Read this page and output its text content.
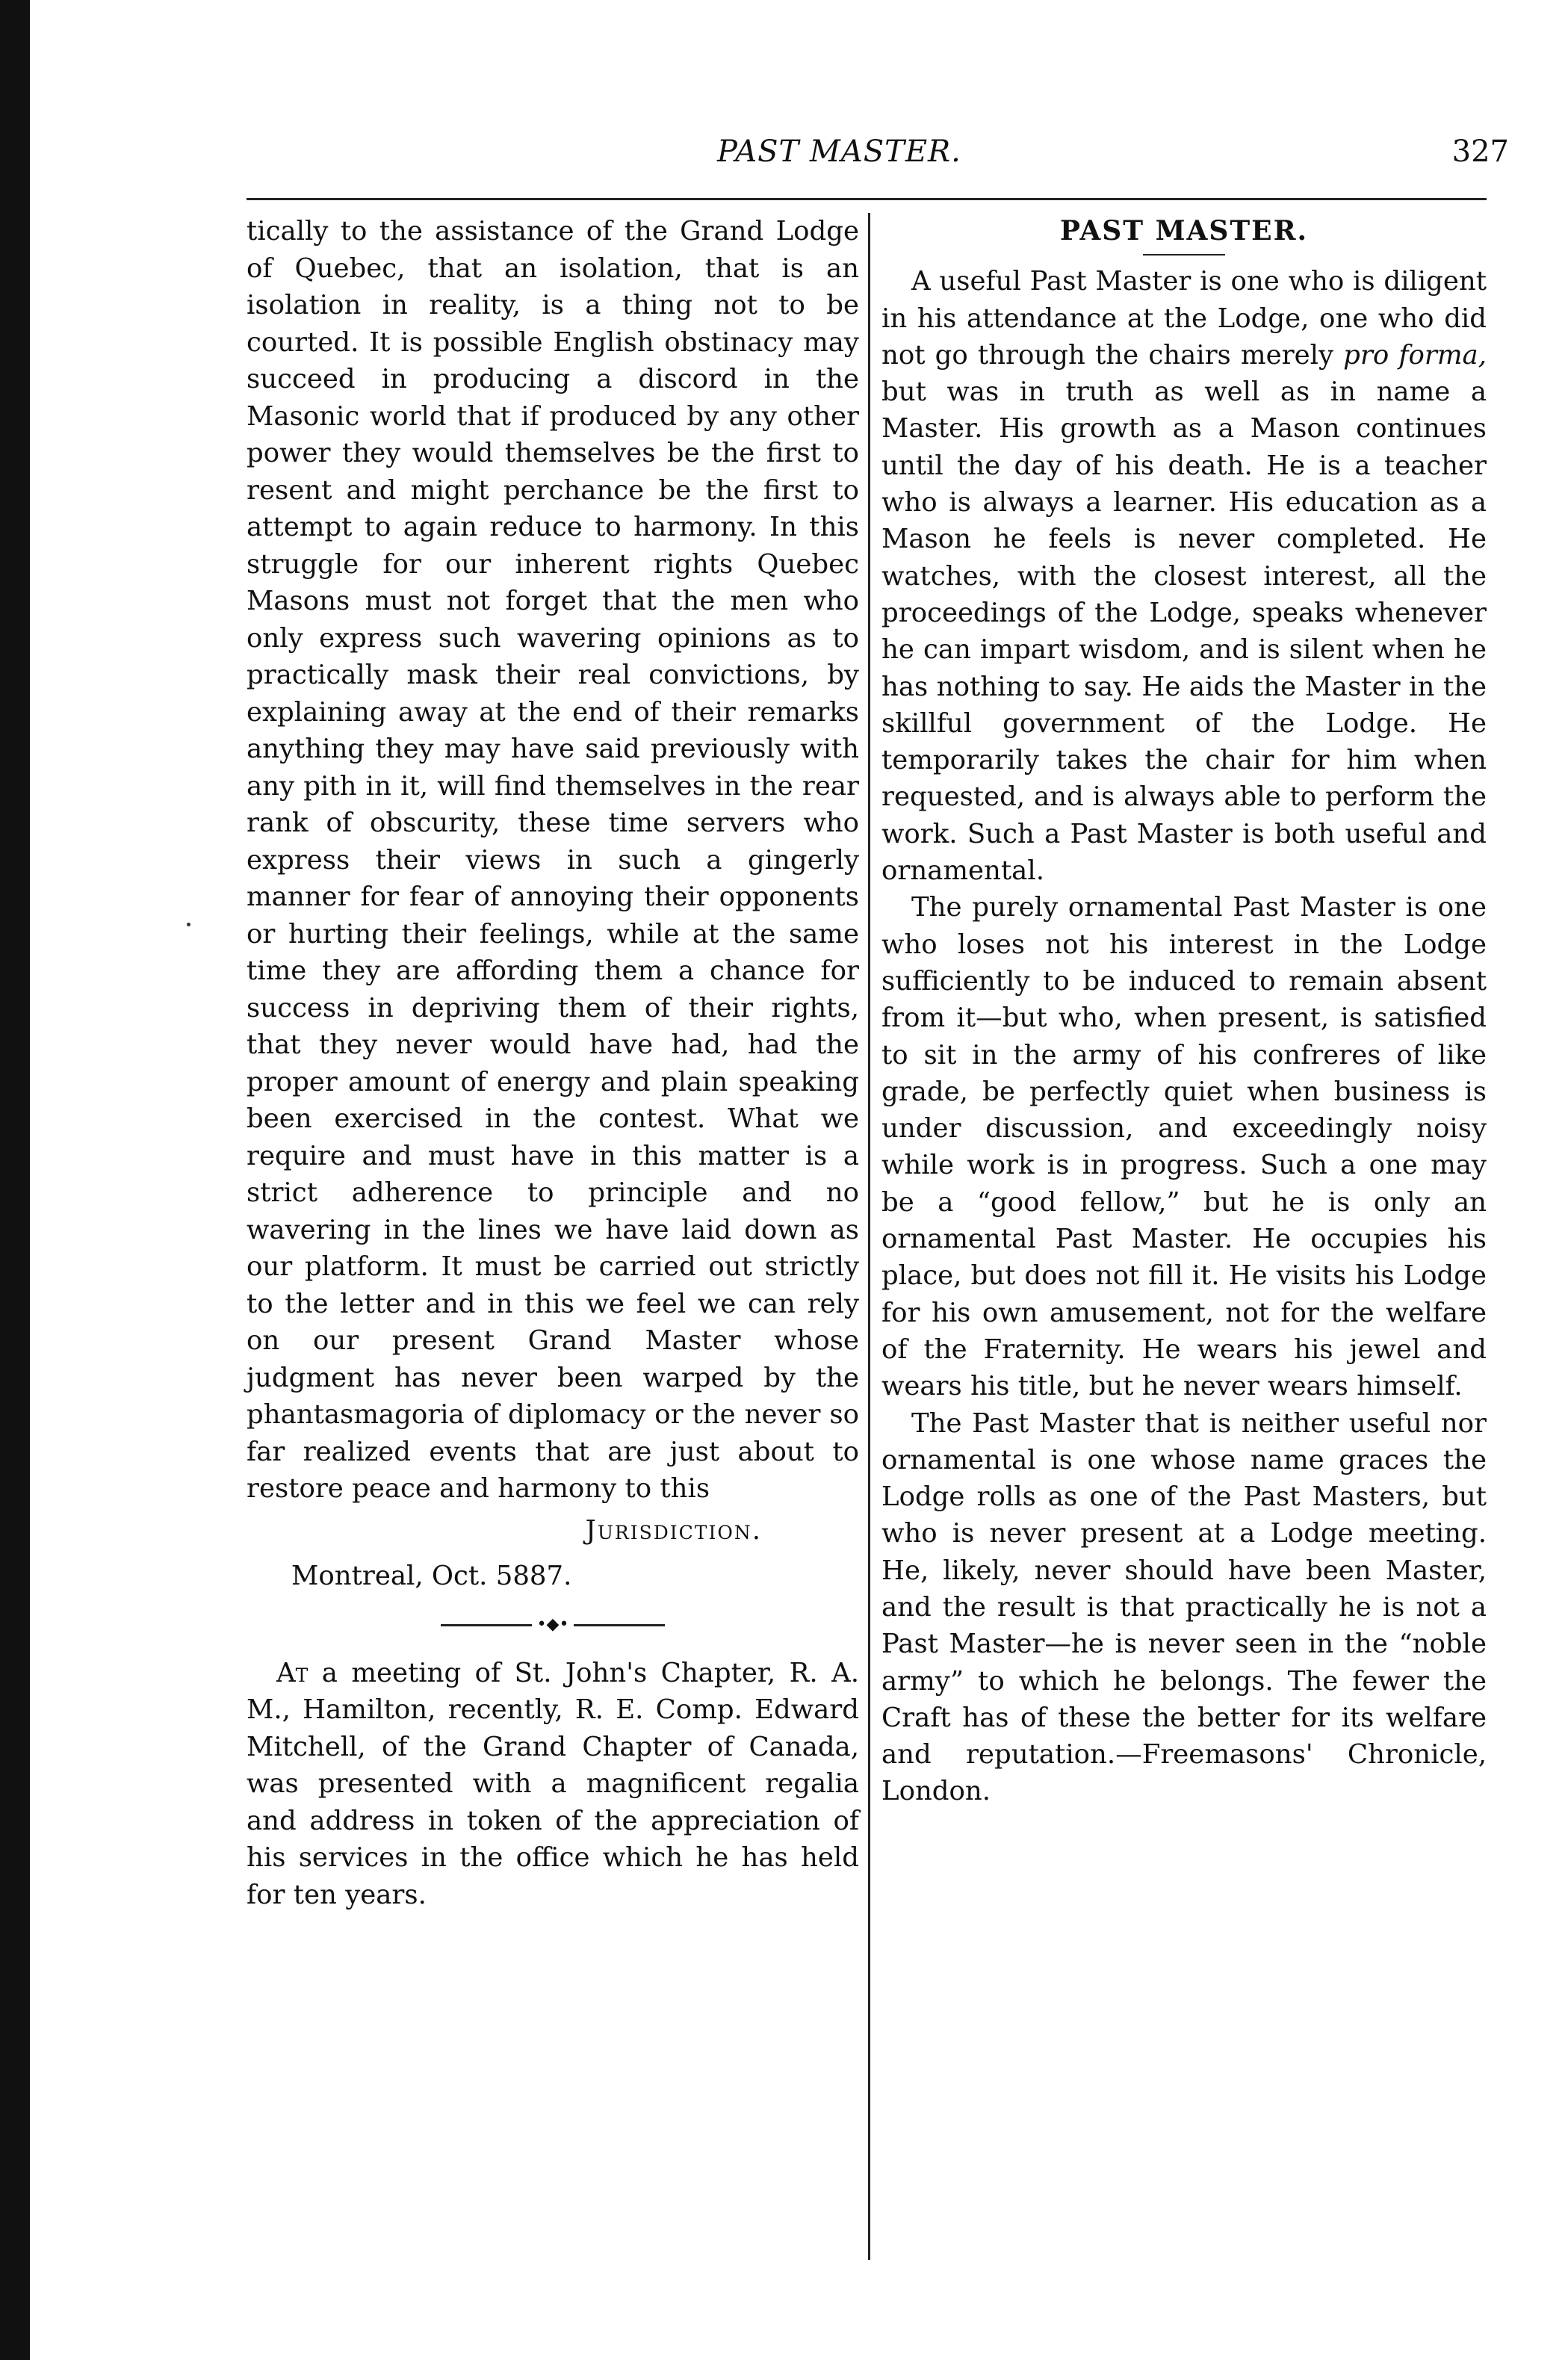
PAST MASTER.	327

tically to the assistance of the Grand Lodge of Quebec, that an isolation, that is an isolation in reality, is a thing not to be courted. It is possible English obstinacy may succeed in producing a discord in the Masonic world that if produced by any other power they would themselves be the first to resent and might perchance be the first to attempt to again reduce to harmony. In this struggle for our inherent rights Quebec Masons must not forget that the men who only express such wavering opinions as to practically mask their real convictions, by explaining away at the end of their remarks anything they may have said previously with any pith in it, will find themselves in the rear rank of obscurity, these time servers who express their views in such a gingerly manner for fear of annoying their opponents or hurting their feelings, while at the same time they are affording them a chance for success in depriving them of their rights, that they never would have had, had the proper amount of energy and plain speaking been exercised in the contest. What we require and must have in this matter is a strict adherence to principle and no wavering in the lines we have laid down as our platform. It must be carried out strictly to the letter and in this we feel we can rely on our present Grand Master whose judgment has never been warped by the phantasmagoria of diplomacy or the never so far realized events that are just about to restore peace and harmony to this

Jurisdiction.

Montreal, Oct. 5887.

•◆•

At a meeting of St. John's Chapter, R. A. M., Hamilton, recently, R. E. Comp. Edward Mitchell, of the Grand Chapter of Canada, was presented with a magnificent regalia and address in token of the appreciation of his services in the office which he has held for ten years.

PAST MASTER.

A useful Past Master is one who is diligent in his attendance at the Lodge, one who did not go through the chairs merely pro forma, but was in truth as well as in name a Master. His growth as a Mason continues until the day of his death. He is a teacher who is always a learner. His education as a Mason he feels is never completed. He watches, with the closest interest, all the proceedings of the Lodge, speaks whenever he can impart wisdom, and is silent when he has nothing to say. He aids the Master in the skillful government of the Lodge. He temporarily takes the chair for him when requested, and is always able to perform the work. Such a Past Master is both useful and ornamental.

The purely ornamental Past Master is one who loses not his interest in the Lodge sufficiently to be induced to remain absent from it—but who, when present, is satisfied to sit in the army of his confreres of like grade, be perfectly quiet when business is under discussion, and exceedingly noisy while work is in progress. Such a one may be a “good fellow,” but he is only an ornamental Past Master. He occupies his place, but does not fill it. He visits his Lodge for his own amusement, not for the welfare of the Fraternity. He wears his jewel and wears his title, but he never wears himself.

The Past Master that is neither useful nor ornamental is one whose name graces the Lodge rolls as one of the Past Masters, but who is never present at a Lodge meeting. He, likely, never should have been Master, and the result is that practically he is not a Past Master—he is never seen in the “noble army” to which he belongs. The fewer the Craft has of these the better for its welfare and reputation.—Freemasons' Chronicle, London.
